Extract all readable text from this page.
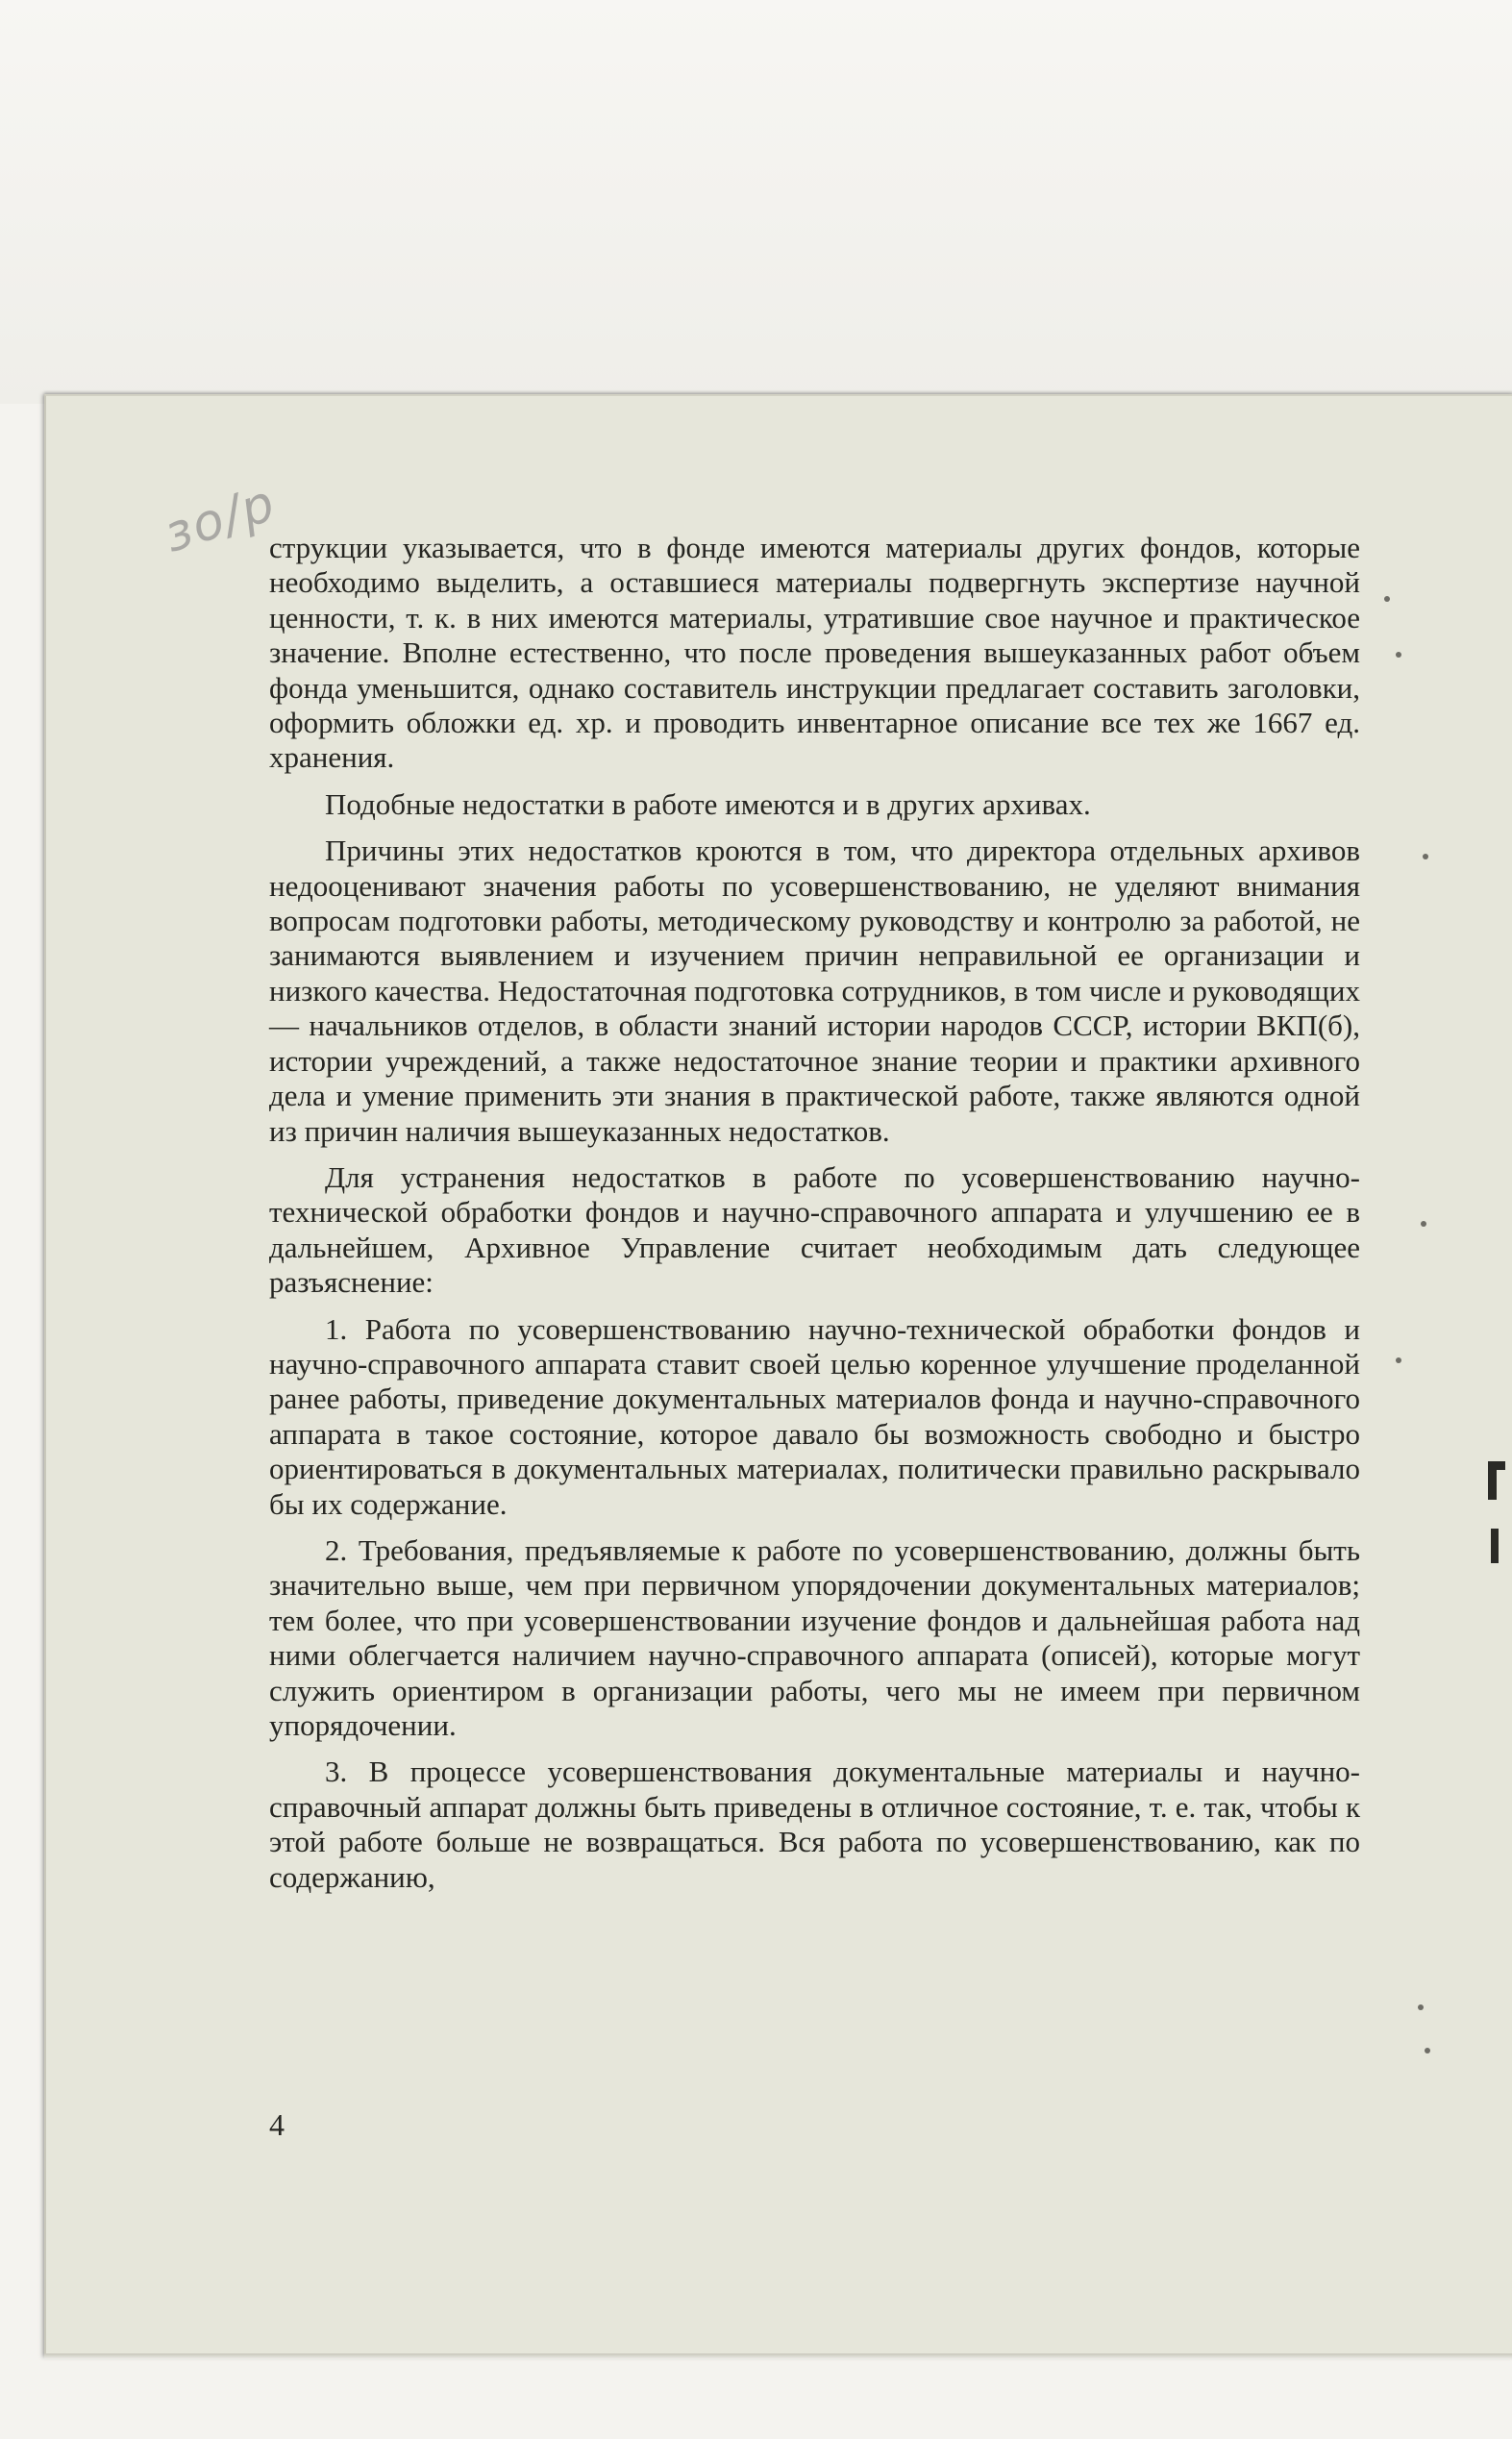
зо/р

струкции указывается, что в фонде имеются материалы других фондов, которые необходимо выделить, а оставшиеся материалы подвергнуть экспертизе научной ценности, т. к. в них имеются материалы, утратившие свое научное и практическое значение. Вполне естественно, что после проведения вышеуказанных работ объем фонда уменьшится, однако составитель инструкции предлагает составить заголовки, оформить обложки ед. хр. и проводить инвентарное описание все тех же 1667 ед. хранения.

Подобные недостатки в работе имеются и в других архивах.

Причины этих недостатков кроются в том, что директора отдельных архивов недооценивают значения работы по усовершенствованию, не уделяют внимания вопросам подготовки работы, методическому руководству и контролю за работой, не занимаются выявлением и изучением причин неправильной ее организации и низкого качества. Недостаточная подготовка сотрудников, в том числе и руководящих — начальников отделов, в области знаний истории народов СССР, истории ВКП(б), истории учреждений, а также недостаточное знание теории и практики архивного дела и умение применить эти знания в практической работе, также являются одной из причин наличия вышеуказанных недостатков.

Для устранения недостатков в работе по усовершенствованию научно-технической обработки фондов и научно-справочного аппарата и улучшению ее в дальнейшем, Архивное Управление считает необходимым дать следующее разъяснение:

1. Работа по усовершенствованию научно-технической обработки фондов и научно-справочного аппарата ставит своей целью коренное улучшение проделанной ранее работы, приведение документальных материалов фонда и научно-справочного аппарата в такое состояние, которое давало бы возможность свободно и быстро ориентироваться в документальных материалах, политически правильно раскрывало бы их содержание.

2. Требования, предъявляемые к работе по усовершенствованию, должны быть значительно выше, чем при первичном упорядочении документальных материалов; тем более, что при усовершенствовании изучение фондов и дальнейшая работа над ними облегчается наличием научно-справочного аппарата (описей), которые могут служить ориентиром в организации работы, чего мы не имеем при первичном упорядочении.

3. В процессе усовершенствования документальные материалы и научно-справочный аппарат должны быть приведены в отличное состояние, т. е. так, чтобы к этой работе больше не возвращаться. Вся работа по усовершенствованию, как по содержанию,

4
